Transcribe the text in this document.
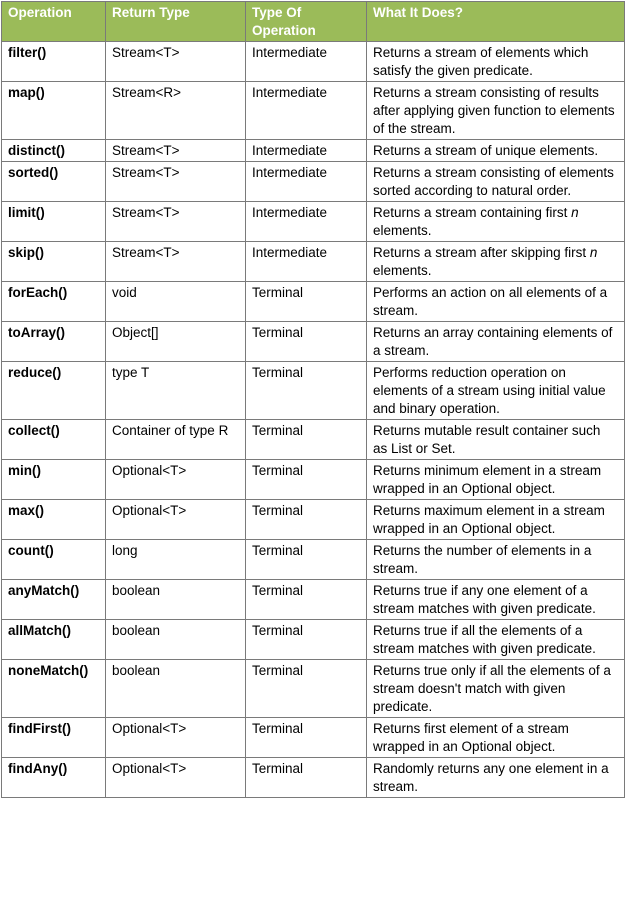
Operation	Return Type	Type Of Operation	What It Does?
filter()	Stream<T>	Intermediate	Returns a stream of elements which satisfy the given predicate.
map()	Stream<R>	Intermediate	Returns a stream consisting of results after applying given function to elements of the stream.
distinct()	Stream<T>	Intermediate	Returns a stream of unique elements.
sorted()	Stream<T>	Intermediate	Returns a stream consisting of elements sorted according to natural order.
limit()	Stream<T>	Intermediate	Returns a stream containing first n elements.
skip()	Stream<T>	Intermediate	Returns a stream after skipping first n elements.
forEach()	void	Terminal	Performs an action on all elements of a stream.
toArray()	Object[]	Terminal	Returns an array containing elements of a stream.
reduce()	type T	Terminal	Performs reduction operation on elements of a stream using initial value and binary operation.
collect()	Container of type R	Terminal	Returns mutable result container such as List or Set.
min()	Optional<T>	Terminal	Returns minimum element in a stream wrapped in an Optional object.
max()	Optional<T>	Terminal	Returns maximum element in a stream wrapped in an Optional object.
count()	long	Terminal	Returns the number of elements in a stream.
anyMatch()	boolean	Terminal	Returns true if any one element of a stream matches with given predicate.
allMatch()	boolean	Terminal	Returns true if all the elements of a stream matches with given predicate.
noneMatch()	boolean	Terminal	Returns true only if all the elements of a stream doesn't match with given predicate.
findFirst()	Optional<T>	Terminal	Returns first element of a stream wrapped in an Optional object.
findAny()	Optional<T>	Terminal	Randomly returns any one element in a stream.
